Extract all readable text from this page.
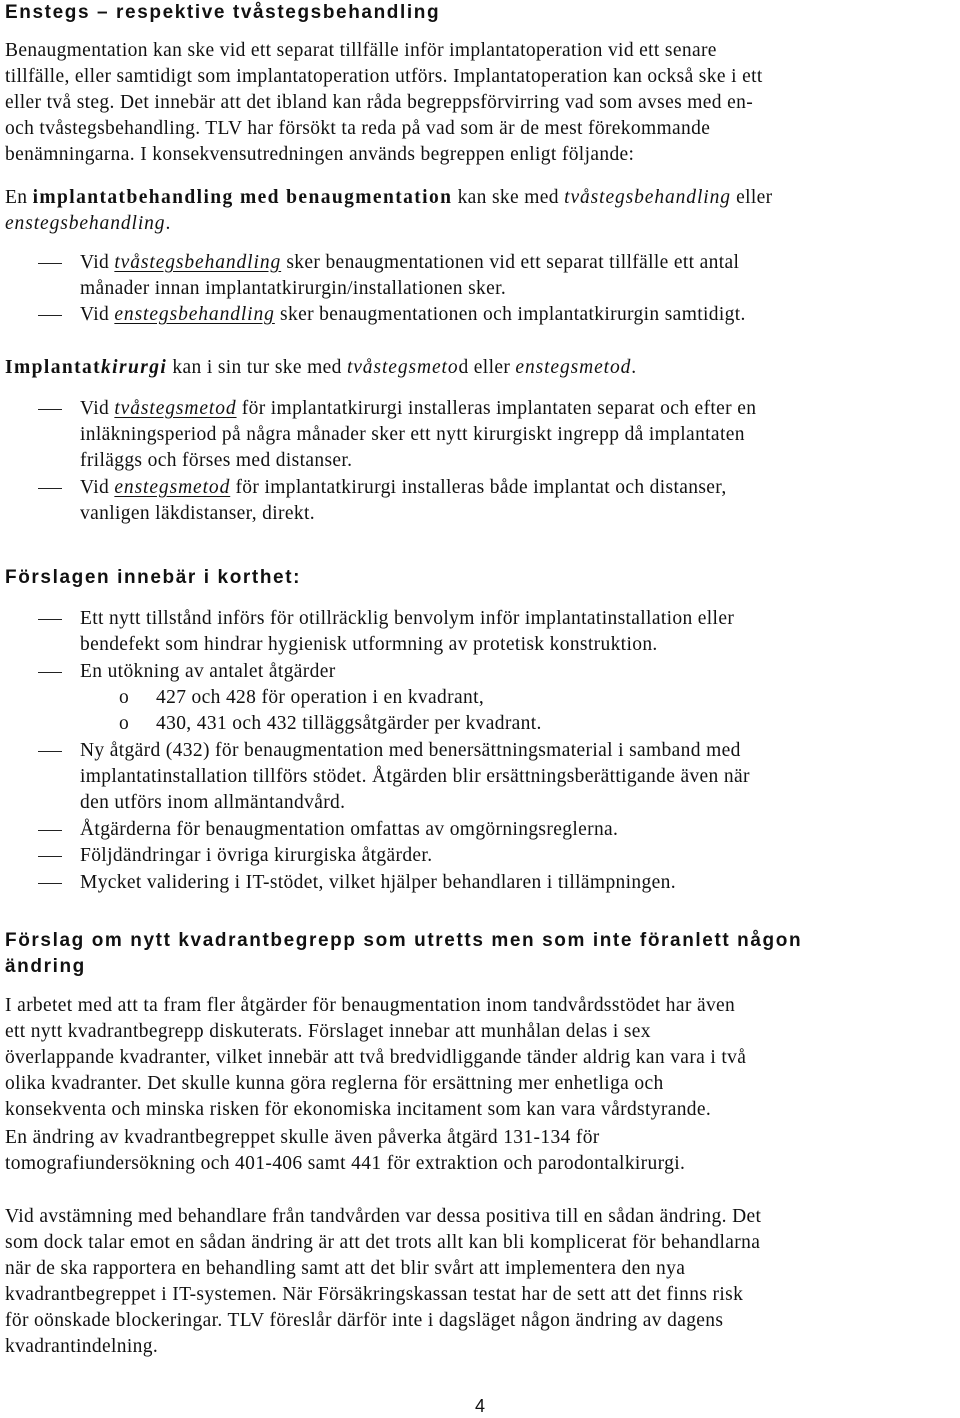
Enstegs – respektive tvåstegsbehandling
Benaugmentation kan ske vid ett separat tillfälle inför implantatoperation vid ett senare
tillfälle, eller samtidigt som implantatoperation utförs. Implantatoperation kan också ske i ett
eller två steg. Det innebär att det ibland kan råda begreppsförvirring vad som avses med en-
och tvåstegsbehandling. TLV har försökt ta reda på vad som är de mest förekommande
benämningarna. I konsekvensutredningen används begreppen enligt följande:
En implantatbehandling med benaugmentation kan ske med tvåstegsbehandling eller
enstegsbehandling.
Vid tvåstegsbehandling sker benaugmentationen vid ett separat tillfälle ett antal
månader innan implantatkirurgin/installationen sker.
Vid enstegsbehandling sker benaugmentationen och implantatkirurgin samtidigt.
Implantatkirurgi kan i sin tur ske med tvåstegsmetod eller enstegsmetod.
Vid tvåstegsmetod för implantatkirurgi installeras implantaten separat och efter en
inläkningsperiod på några månader sker ett nytt kirurgiskt ingrepp då implantaten
friläggs och förses med distanser.
Vid enstegsmetod för implantatkirurgi installeras både implantat och distanser,
vanligen läkdistanser, direkt.
Förslagen innebär i korthet:
Ett nytt tillstånd införs för otillräcklig benvolym inför implantatinstallation eller
bendefekt som hindrar hygienisk utformning av protetisk konstruktion.
En utökning av antalet åtgärder
o 427 och 428 för operation i en kvadrant,
o 430, 431 och 432 tilläggsåtgärder per kvadrant.
Ny åtgärd (432) för benaugmentation med benersättningsmaterial i samband med
implantatinstallation tillförs stödet. Åtgärden blir ersättningsberättigande även när
den utförs inom allmäntandvård.
Åtgärderna för benaugmentation omfattas av omgörningsreglerna.
Följdändringar i övriga kirurgiska åtgärder.
Mycket validering i IT-stödet, vilket hjälper behandlaren i tillämpningen.
Förslag om nytt kvadrantbegrepp som utretts men som inte föranlett någon
ändring
I arbetet med att ta fram fler åtgärder för benaugmentation inom tandvårdsstödet har även
ett nytt kvadrantbegrepp diskuterats. Förslaget innebar att munhålan delas i sex
överlappande kvadranter, vilket innebär att två bredvidliggande tänder aldrig kan vara i två
olika kvadranter. Det skulle kunna göra reglerna för ersättning mer enhetliga och
konsekventa och minska risken för ekonomiska incitament som kan vara vårdstyrande.
En ändring av kvadrantbegreppet skulle även påverka åtgärd 131-134 för
tomografiundersökning och 401-406 samt 441 för extraktion och parodontalkirurgi.
Vid avstämning med behandlare från tandvården var dessa positiva till en sådan ändring. Det
som dock talar emot en sådan ändring är att det trots allt kan bli komplicerat för behandlarna
när de ska rapportera en behandling samt att det blir svårt att implementera den nya
kvadrantbegreppet i IT-systemen. När Försäkringskassan testat har de sett att det finns risk
för oönskade blockeringar. TLV föreslår därför inte i dagsläget någon ändring av dagens
kvadrantindelning.
4
